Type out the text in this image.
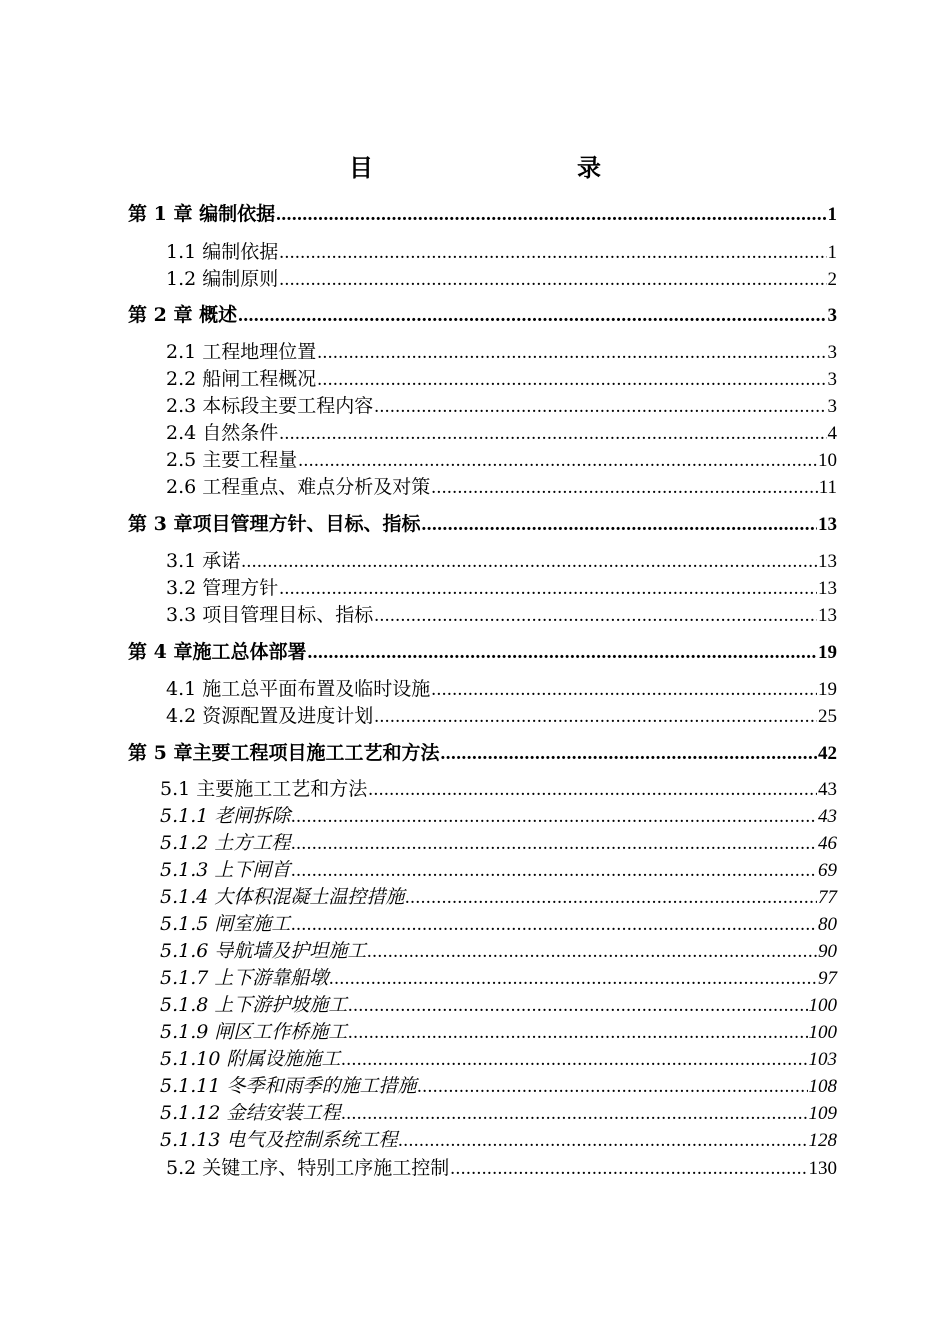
目　　录
第 1 章 编制依据 .....	1
1.1 编制依据 .....	1
1.2 编制原则 .....	2
第 2 章 概述 .....	3
2.1 工程地理位置 .....	3
2.2 船闸工程概况 .....	3
2.3 本标段主要工程内容 .....	3
2.4 自然条件 .....	4
2.5 主要工程量 .....	10
2.6 工程重点、难点分析及对策 .....	11
第 3 章项目管理方针、目标、指标 .....	13
3.1 承诺 .....	13
3.2 管理方针 .....	13
3.3 项目管理目标、指标 .....	13
第 4 章施工总体部署 .....	19
4.1 施工总平面布置及临时设施 .....	19
4.2 资源配置及进度计划 .....	25
第 5 章主要工程项目施工工艺和方法 .....	42
5.1 主要施工工艺和方法 .....	43
5.1.1 老闸拆除 .....	43
5.1.2 土方工程 .....	46
5.1.3 上下闸首 .....	69
5.1.4 大体积混凝土温控措施 .....	77
5.1.5 闸室施工 .....	80
5.1.6 导航墙及护坦施工 .....	90
5.1.7 上下游靠船墩 .....	97
5.1.8 上下游护坡施工 .....	100
5.1.9 闸区工作桥施工 .....	100
5.1.10 附属设施施工 .....	103
5.1.11 冬季和雨季的施工措施 .....	108
5.1.12 金结安装工程 .....	109
5.1.13 电气及控制系统工程 .....	128
5.2 关键工序、特别工序施工控制 .....	130
